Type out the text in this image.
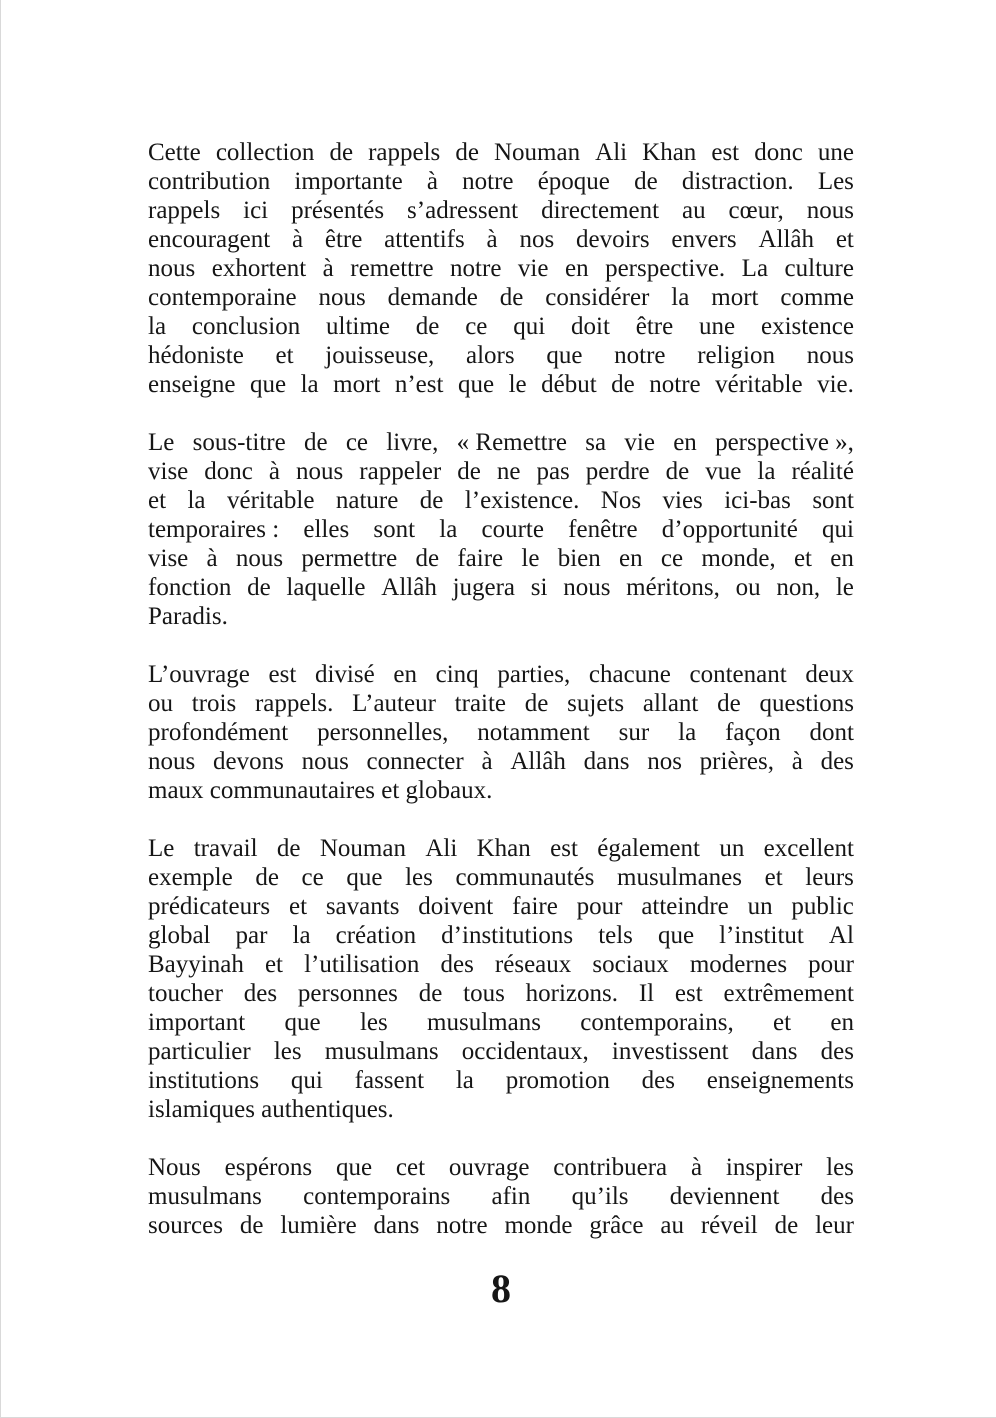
Cette collection de rappels de Nouman Ali Khan est donc une
contribution importante à notre époque de distraction. Les
rappels ici présentés s’adressent directement au cœur, nous
encouragent à être attentifs à nos devoirs envers Allâh et
nous exhortent à remettre notre vie en perspective. La culture
contemporaine nous demande de considérer la mort comme
la conclusion ultime de ce qui doit être une existence
hédoniste et jouisseuse, alors que notre religion nous
enseigne que la mort n’est que le début de notre véritable vie.
Le sous-titre de ce livre, « Remettre sa vie en perspective »,
vise donc à nous rappeler de ne pas perdre de vue la réalité
et la véritable nature de l’existence. Nos vies ici-bas sont
temporaires : elles sont la courte fenêtre d’opportunité qui
vise à nous permettre de faire le bien en ce monde, et en
fonction de laquelle Allâh jugera si nous méritons, ou non, le
Paradis.
L’ouvrage est divisé en cinq parties, chacune contenant deux
ou trois rappels. L’auteur traite de sujets allant de questions
profondément personnelles, notamment sur la façon dont
nous devons nous connecter à Allâh dans nos prières, à des
maux communautaires et globaux.
Le travail de Nouman Ali Khan est également un excellent
exemple de ce que les communautés musulmanes et leurs
prédicateurs et savants doivent faire pour atteindre un public
global par la création d’institutions tels que l’institut Al
Bayyinah et l’utilisation des réseaux sociaux modernes pour
toucher des personnes de tous horizons. Il est extrêmement
important que les musulmans contemporains, et en
particulier les musulmans occidentaux, investissent dans des
institutions qui fassent la promotion des enseignements
islamiques authentiques.
Nous espérons que cet ouvrage contribuera à inspirer les
musulmans contemporains afin qu’ils deviennent des
sources de lumière dans notre monde grâce au réveil de leur
8
